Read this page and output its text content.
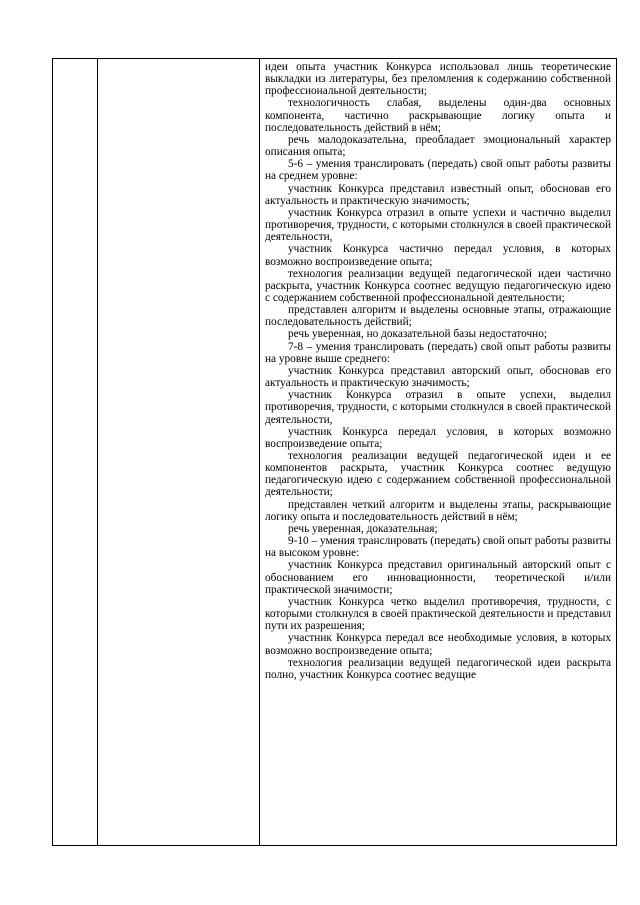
идеи опыта участник Конкурса использовал лишь теоретические выкладки из литературы, без преломления к содержанию собственной профессиональной деятельности;

технологичность слабая, выделены один-два основных компонента, частично раскрывающие логику опыта и последовательность действий в нём;

речь малодоказательна, преобладает эмоциональный характер описания опыта;

5-6 – умения транслировать (передать) свой опыт работы развиты на среднем уровне:

участник Конкурса представил известный опыт, обосновав его актуальность и практическую значимость;

участник Конкурса отразил в опыте успехи и частично выделил противоречия, трудности, с которыми столкнулся в своей практической деятельности,

участник Конкурса частично передал условия, в которых возможно воспроизведение опыта;

технология реализации ведущей педагогической идеи частично раскрыта, участник Конкурса соотнес ведущую педагогическую идею с содержанием собственной профессиональной деятельности;

представлен алгоритм и выделены основные этапы, отражающие последовательность действий;

речь уверенная, но доказательной базы недостаточно;

7-8 – умения транслировать (передать) свой опыт работы развиты на уровне выше среднего:

участник Конкурса представил авторский опыт, обосновав его актуальность и практическую значимость;

участник Конкурса отразил в опыте успехи, выделил противоречия, трудности, с которыми столкнулся в своей практической деятельности,

участник Конкурса передал условия, в которых возможно воспроизведение опыта;

технология реализации ведущей педагогической идеи и ее компонентов раскрыта, участник Конкурса соотнес ведущую педагогическую идею с содержанием собственной профессиональной деятельности;

представлен четкий алгоритм и выделены этапы, раскрывающие логику опыта и последовательность действий в нём;

речь уверенная, доказательная;

9-10 – умения транслировать (передать) свой опыт работы развиты на высоком уровне:

участник Конкурса представил оригинальный авторский опыт с обоснованием его инновационности, теоретической и/или практической значимости;

участник Конкурса четко выделил противоречия, трудности, с которыми столкнулся в своей практической деятельности и представил пути их разрешения;

участник Конкурса передал все необходимые условия, в которых возможно воспроизведение опыта;

технология реализации ведущей педагогической идеи раскрыта полно, участник Конкурса соотнес ведущие
